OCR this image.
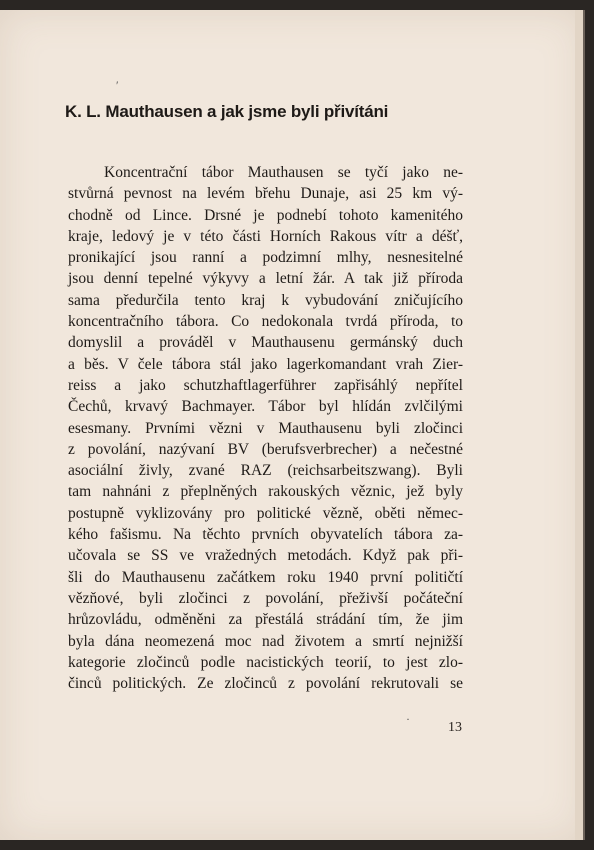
′
K. L. Mauthausen a jak jsme byli přivítáni
Koncentrační tábor Mauthausen se tyčí jako ne-
stvůrná pevnost na levém břehu Dunaje, asi 25 km vý-
chodně od Lince. Drsné je podnebí tohoto kamenitého
kraje, ledový je v této části Horních Rakous vítr a déšť,
pronikající jsou ranní a podzimní mlhy, nesnesitelné
jsou denní tepelné výkyvy a letní žár. A tak již příroda
sama předurčila tento kraj k vybudování zničujícího
koncentračního tábora. Co nedokonala tvrdá příroda, to
domyslil a prováděl v Mauthausenu germánský duch
a běs. V čele tábora stál jako lagerkomandant vrah Zier-
reiss a jako schutzhaftlagerführer zapřisáhlý nepřítel
Čechů, krvavý Bachmayer. Tábor byl hlídán zvlčilými
esesmany. Prvními vězni v Mauthausenu byli zločinci
z povolání, nazývaní BV (berufsverbrecher) a nečestné
asociální živly, zvané RAZ (reichsarbeitszwang). Byli
tam nahnáni z přeplněných rakouských věznic, jež byly
postupně vyklizovány pro politické vězně, oběti němec-
kého fašismu. Na těchto prvních obyvatelích tábora za-
učovala se SS ve vražedných metodách. Když pak při-
šli do Mauthausenu začátkem roku 1940 první političtí
vězňové, byli zločinci z povolání, přeživší počáteční
hrůzovládu, odměněni za přestálá strádání tím, že jim
byla dána neomezená moc nad životem a smrtí nejnižší
kategorie zločinců podle nacistických teorií, to jest zlo-
činců politických. Ze zločinců z povolání rekrutovali se
·
13
